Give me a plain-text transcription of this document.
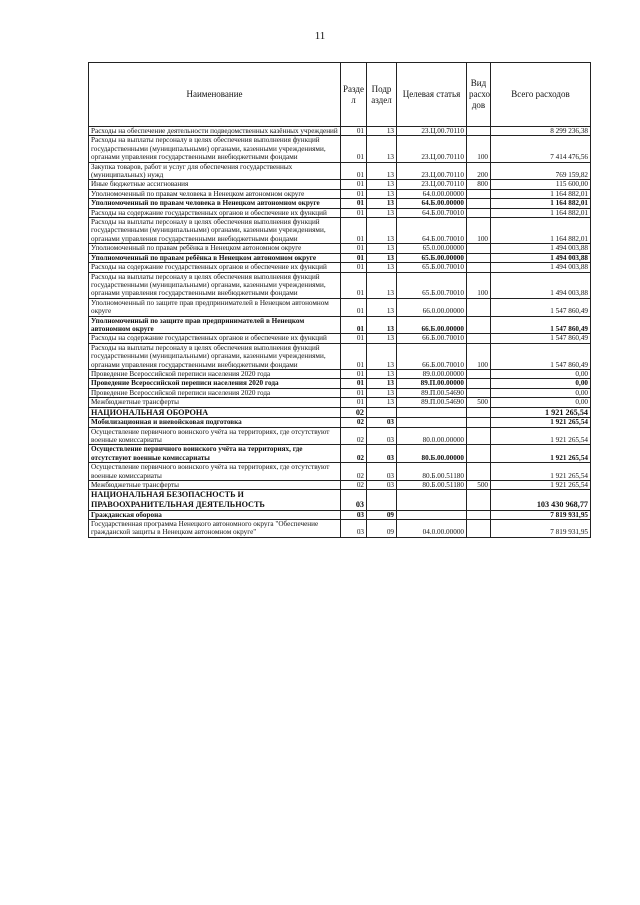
11
Наименование	Разде л	Подр аздел	Целевая статья	Вид расхо дов	Всего расходов
Расходы на обеспечение деятельности подведомственных казённых учреждений	01	13	23.Ц.00.70110		8 299 236,38
Расходы на выплаты персоналу в целях обеспечения выполнения функций государственными (муниципальными) органами, казенными учреждениями, органами управления государственными внебюджетными фондами	01	13	23.Ц.00.70110	100	7 414 476,56
Закупка товаров, работ и услуг для обеспечения государственных (муниципальных) нужд	01	13	23.Ц.00.70110	200	769 159,82
Иные бюджетные ассигнования	01	13	23.Ц.00.70110	800	115 600,00
Уполномоченный по правам человека в Ненецком автономном округе	01	13	64.0.00.00000		1 164 882,01
Уполномоченный по правам человека в Ненецком автономном округе	01	13	64.Б.00.00000		1 164 882,01
Расходы на содержание государственных органов и обеспечение их функций	01	13	64.Б.00.70010		1 164 882,01
Расходы на выплаты персоналу в целях обеспечения выполнения функций государственными (муниципальными) органами, казенными учреждениями, органами управления государственными внебюджетными фондами	01	13	64.Б.00.70010	100	1 164 882,01
Уполномоченный по правам ребёнка в Ненецком автономном округе	01	13	65.0.00.00000		1 494 003,88
Уполномоченный по правам ребёнка в Ненецком автономном округе	01	13	65.Б.00.00000		1 494 003,88
Расходы на содержание государственных органов и обеспечение их функций	01	13	65.Б.00.70010		1 494 003,88
Расходы на выплаты персоналу в целях обеспечения выполнения функций государственными (муниципальными) органами, казенными учреждениями, органами управления государственными внебюджетными фондами	01	13	65.Б.00.70010	100	1 494 003,88
Уполномоченный по защите прав предпринимателей в Ненецком автономном округе	01	13	66.0.00.00000		1 547 860,49
Уполномоченный по защите прав предпринимателей в Ненецком автономном округе	01	13	66.Б.00.00000		1 547 860,49
Расходы на содержание государственных органов и обеспечение их функций	01	13	66.Б.00.70010		1 547 860,49
Расходы на выплаты персоналу в целях обеспечения выполнения функций государственными (муниципальными) органами, казенными учреждениями, органами управления государственными внебюджетными фондами	01	13	66.Б.00.70010	100	1 547 860,49
Проведение Всероссийской переписи населения 2020 года	01	13	89.0.00.00000		0,00
Проведение Всероссийской переписи населения 2020 года	01	13	89.П.00.00000		0,00
Проведение Всероссийской переписи населения 2020 года	01	13	89.П.00.54690		0,00
Межбюджетные трансферты	01	13	89.П.00.54690	500	0,00
НАЦИОНАЛЬНАЯ ОБОРОНА	02				1 921 265,54
Мобилизационная и вневойсковая подготовка	02	03			1 921 265,54
Осуществление первичного воинского учёта на территориях, где отсутствуют военные комиссариаты	02	03	80.0.00.00000		1 921 265,54
Осуществление первичного воинского учёта на территориях, где отсутствуют военные комиссариаты	02	03	80.Б.00.00000		1 921 265,54
Осуществление первичного воинского учёта на территориях, где отсутствуют военные комиссариаты	02	03	80.Б.00.51180		1 921 265,54
Межбюджетные трансферты	02	03	80.Б.00.51180	500	1 921 265,54
НАЦИОНАЛЬНАЯ БЕЗОПАСНОСТЬ И ПРАВООХРАНИТЕЛЬНАЯ ДЕЯТЕЛЬНОСТЬ	03				103 430 968,77
Гражданская оборона	03	09			7 819 931,95
Государственная программа Ненецкого автономного округа "Обеспечение гражданской защиты в Ненецком автономном округе"	03	09	04.0.00.00000		7 819 931,95
